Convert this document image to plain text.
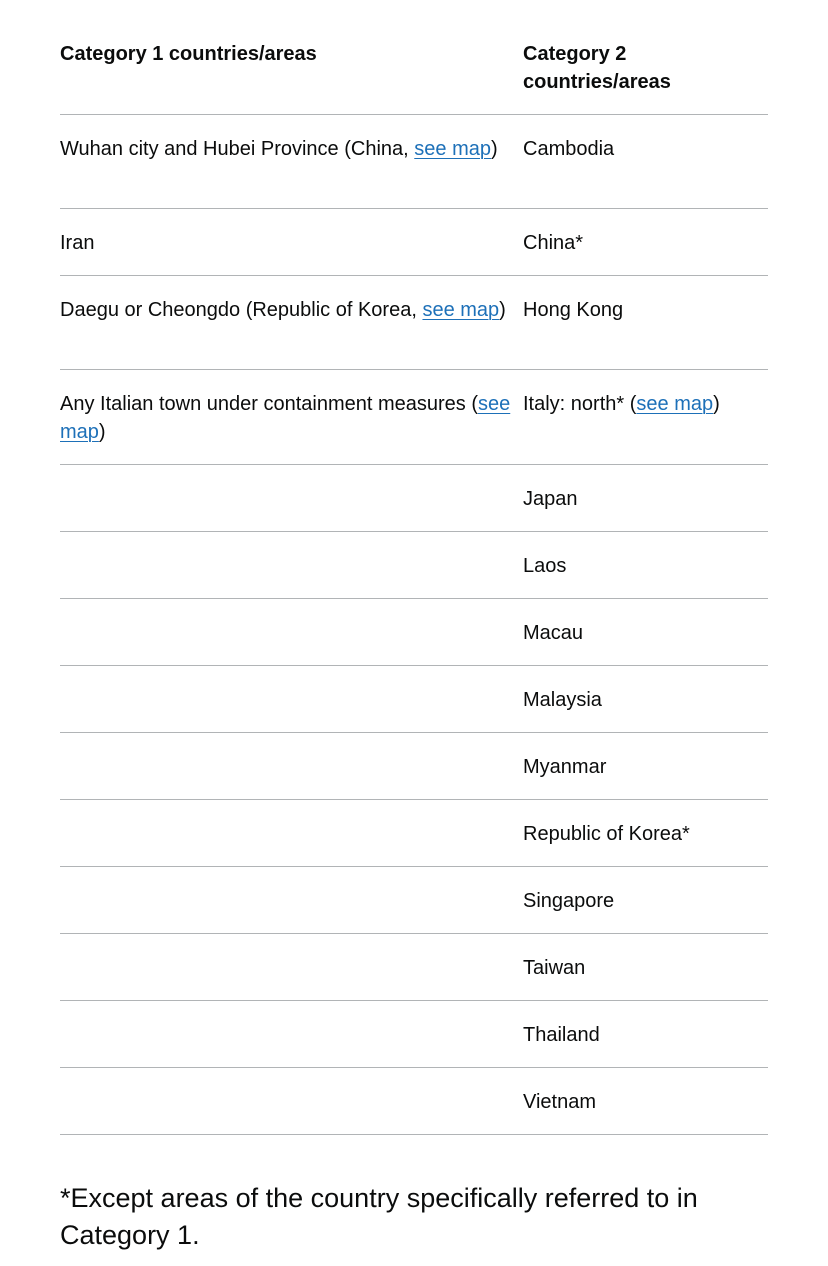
Category 1 countries/areas	Category 2 countries/areas
Wuhan city and Hubei Province (China, see map)	Cambodia
Iran	China*
Daegu or Cheongdo (Republic of Korea, see map)	Hong Kong
Any Italian town under containment measures (see map)	Italy: north* (see map)
	Japan
	Laos
	Macau
	Malaysia
	Myanmar
	Republic of Korea*
	Singapore
	Taiwan
	Thailand
	Vietnam
*Except areas of the country specifically referred to in Category 1.
